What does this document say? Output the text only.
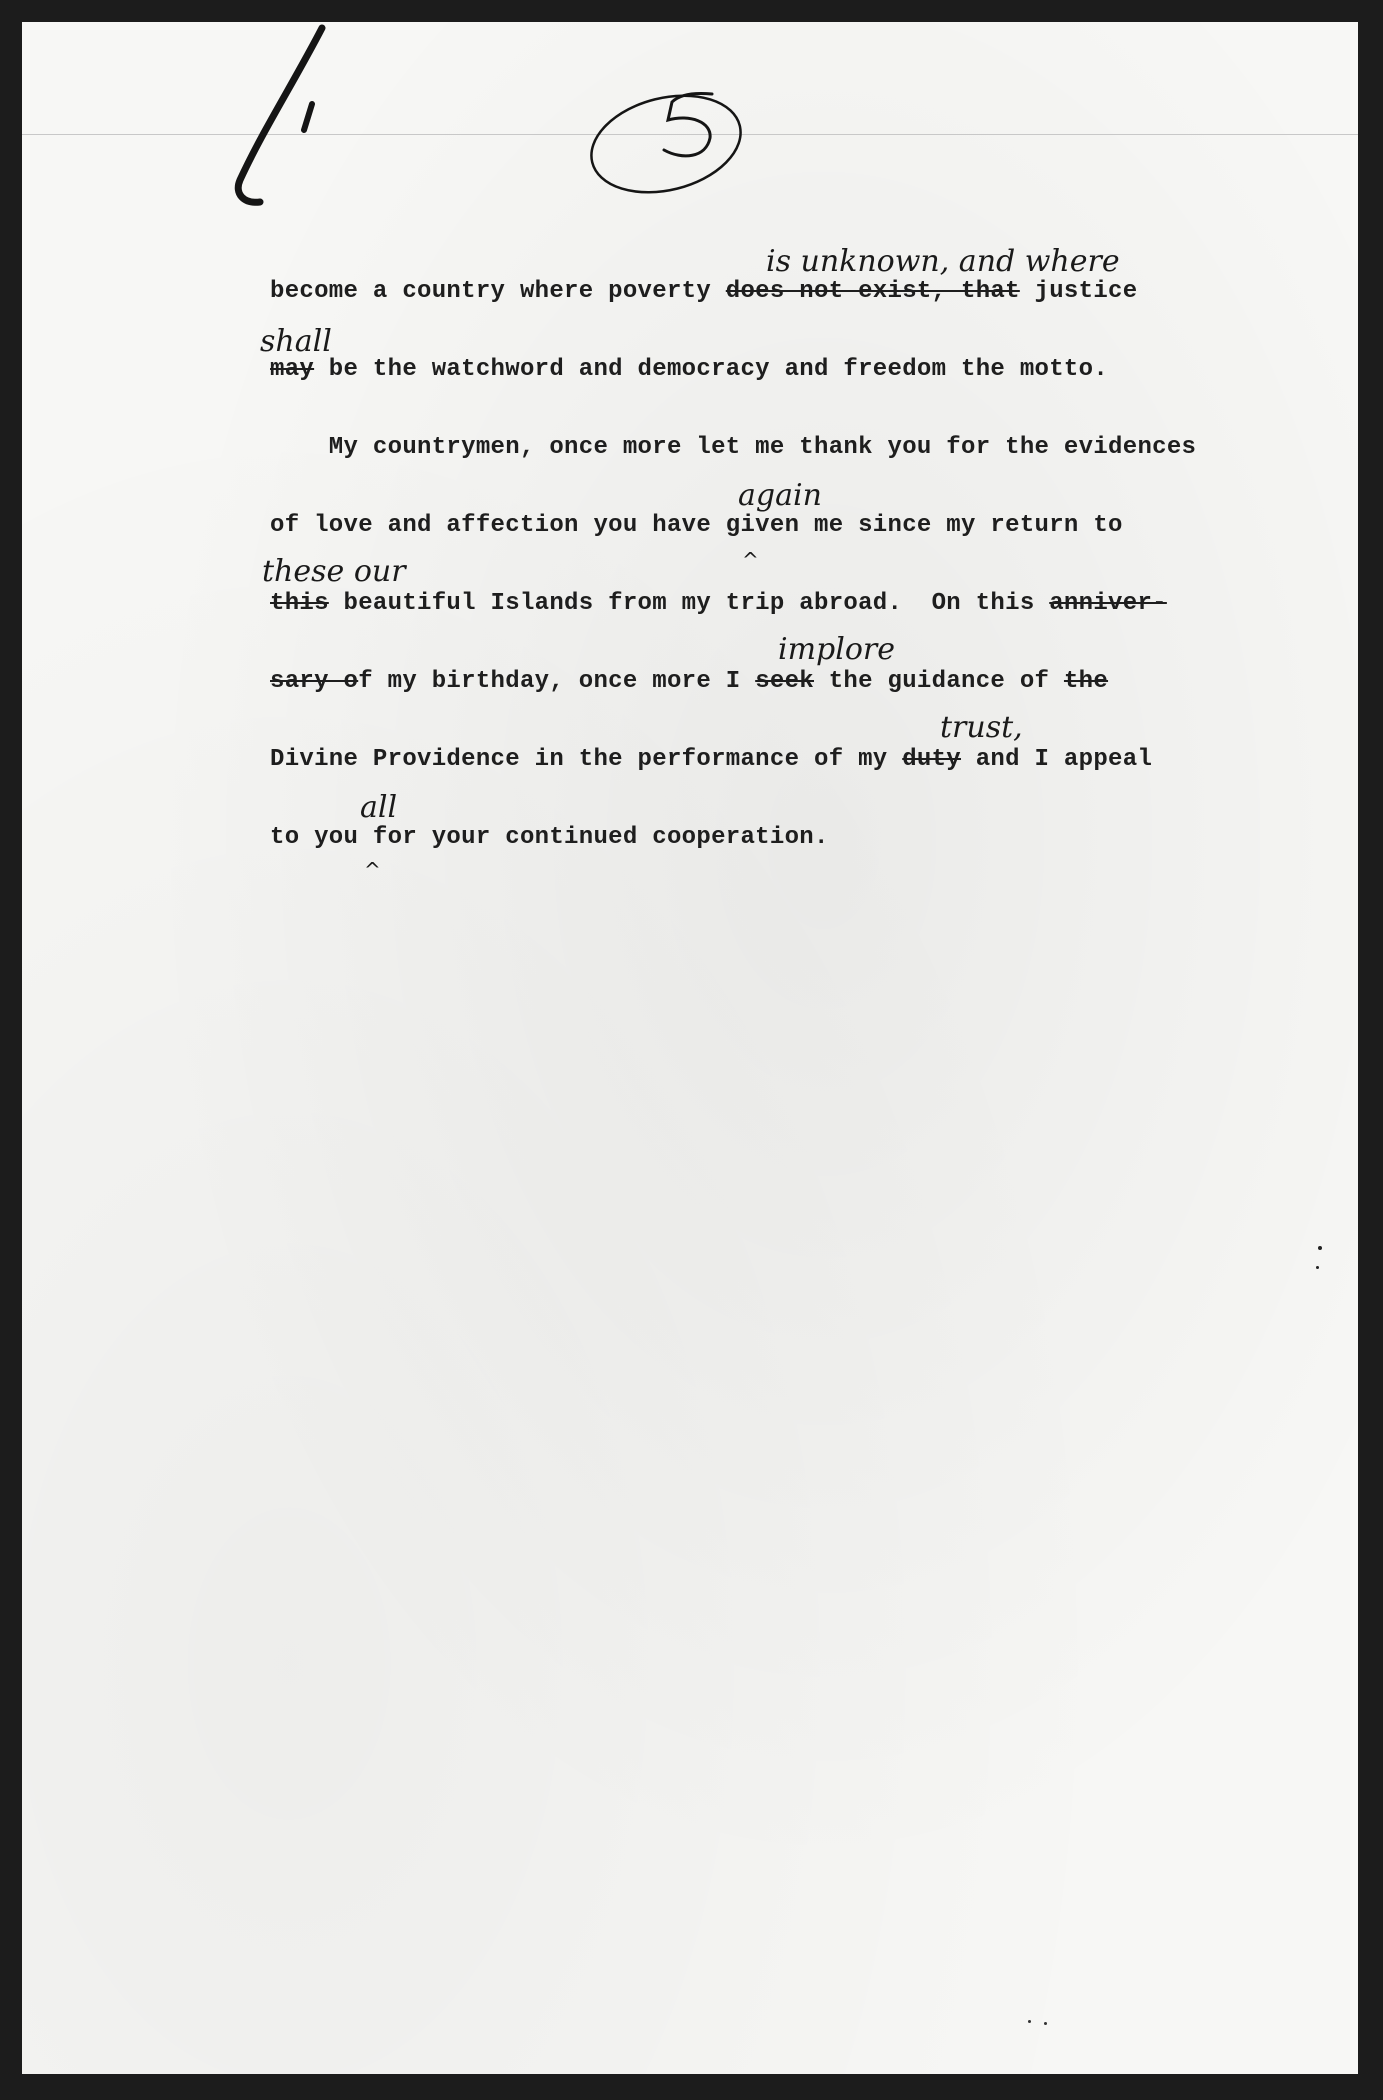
become a country where poverty does not exist, that justice

is unknown, and where

may be the watchword and democracy and freedom the motto.

shall

My countrymen, once more let me thank you for the evidences

of love and affection you have given me since my return to

again
^

this beautiful Islands from my trip abroad.  On this anniver-

these our

sary of my birthday, once more I seek the guidance of the

implore

Divine Providence in the performance of my duty and I appeal

trust,

to you for your continued cooperation.

all
^
